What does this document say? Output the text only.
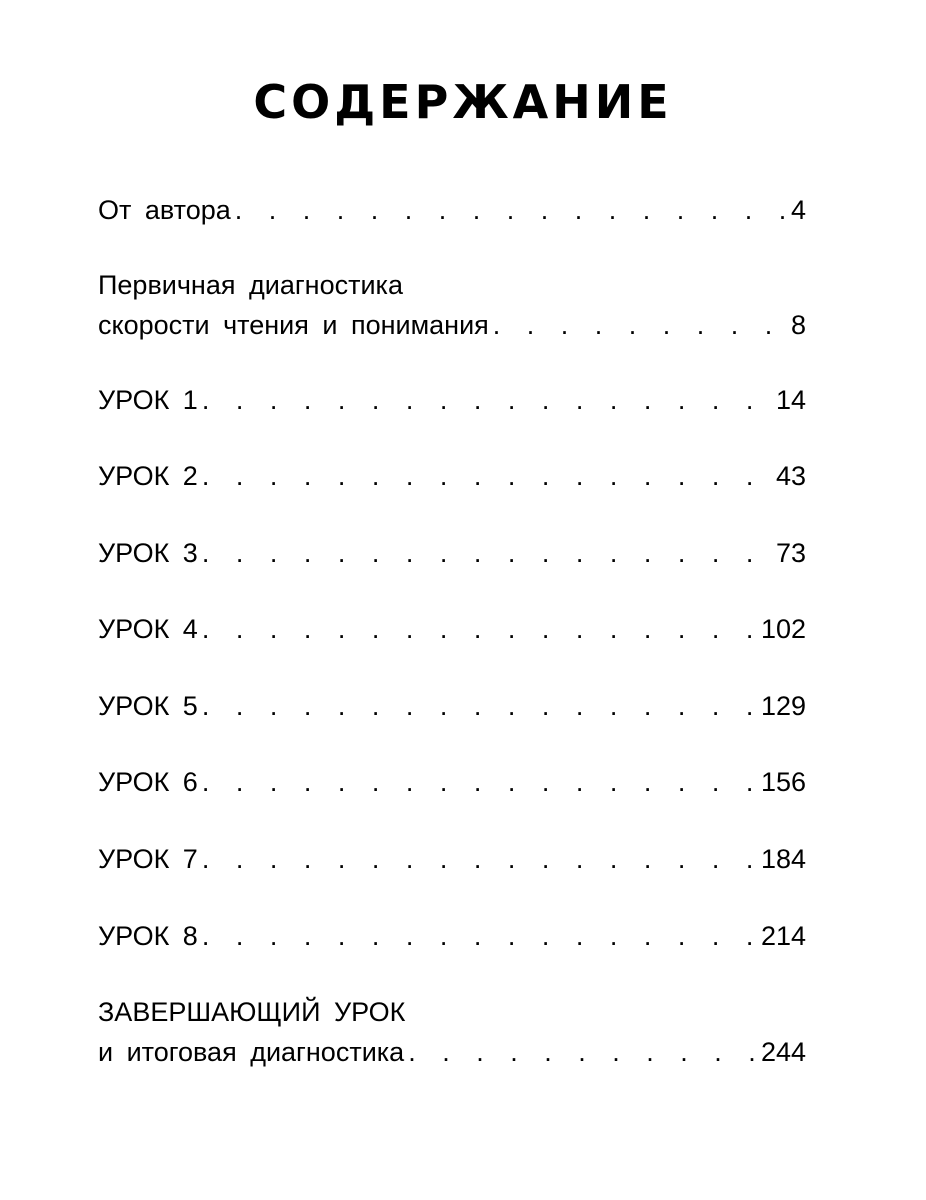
СОДЕРЖАНИЕ
От автора . . .	4
Первичная диагностика
скорости чтения и понимания . . .	8
УРОК 1 . . .	14
УРОК 2 . . .	43
УРОК 3 . . .	73
УРОК 4 . . .	102
УРОК 5 . . .	129
УРОК 6 . . .	156
УРОК 7 . . .	184
УРОК 8 . . .	214
ЗАВЕРШАЮЩИЙ УРОК
и итоговая диагностика . . .	244
